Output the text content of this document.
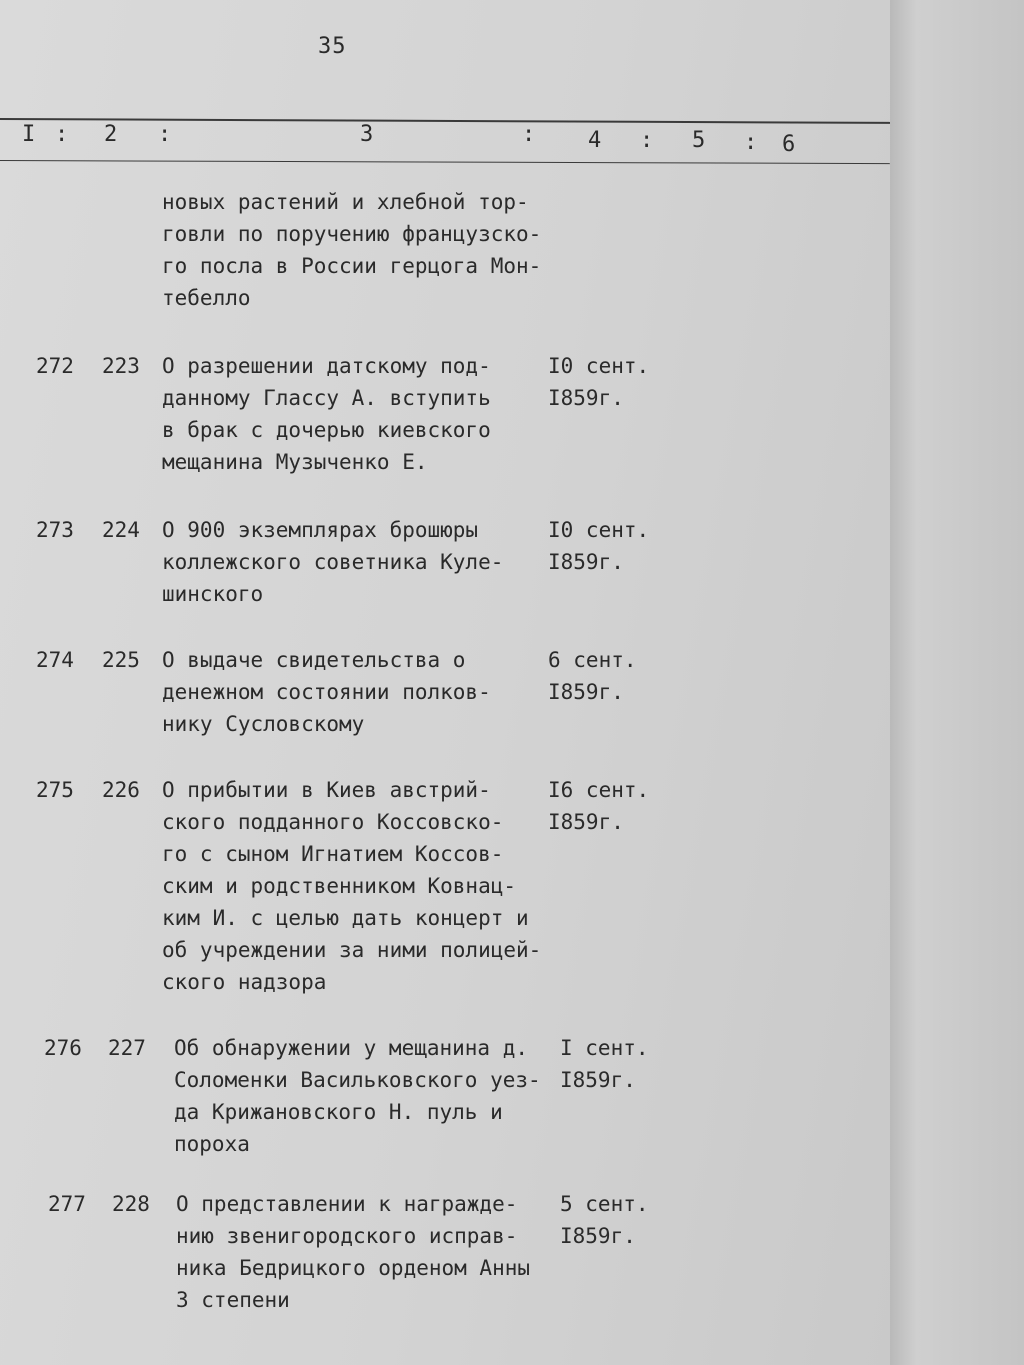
35
I : 2 :	3	: 4 : 5 : 6
новых растений и хлебной тор-
говли по поручению французско-
го посла в России герцога Мон-
тебелло
272 223 О разрешении датскому под-
данному Глассу А. вступить
в брак с дочерью киевского
мещанина Музыченко Е.
I0 сент.
I859г.
273 224 О 900 экземплярах брошюры
коллежского советника Куле-
шинского
I0 сент.
I859г.
274 225 О выдаче свидетельства о
денежном состоянии полков-
нику Сусловскому
6 сент.
I859г.
275 226 О прибытии в Киев австрий-
ского подданного Коссовско-
го с сыном Игнатием Коссов-
ским и родственником Ковнац-
ким И. с целью дать концерт и
об учреждении за ними полицей-
ского надзора
I6 сент.
I859г.
276 227 Об обнаружении у мещанина д.
Соломенки Васильковского уез-
да Крижановского Н. пуль и
пороха
I сент.
I859г.
277 228 О представлении к награжде-
нию звенигородского исправ-
ника Бедрицкого орденом Анны
3 степени
5 сент.
I859г.
